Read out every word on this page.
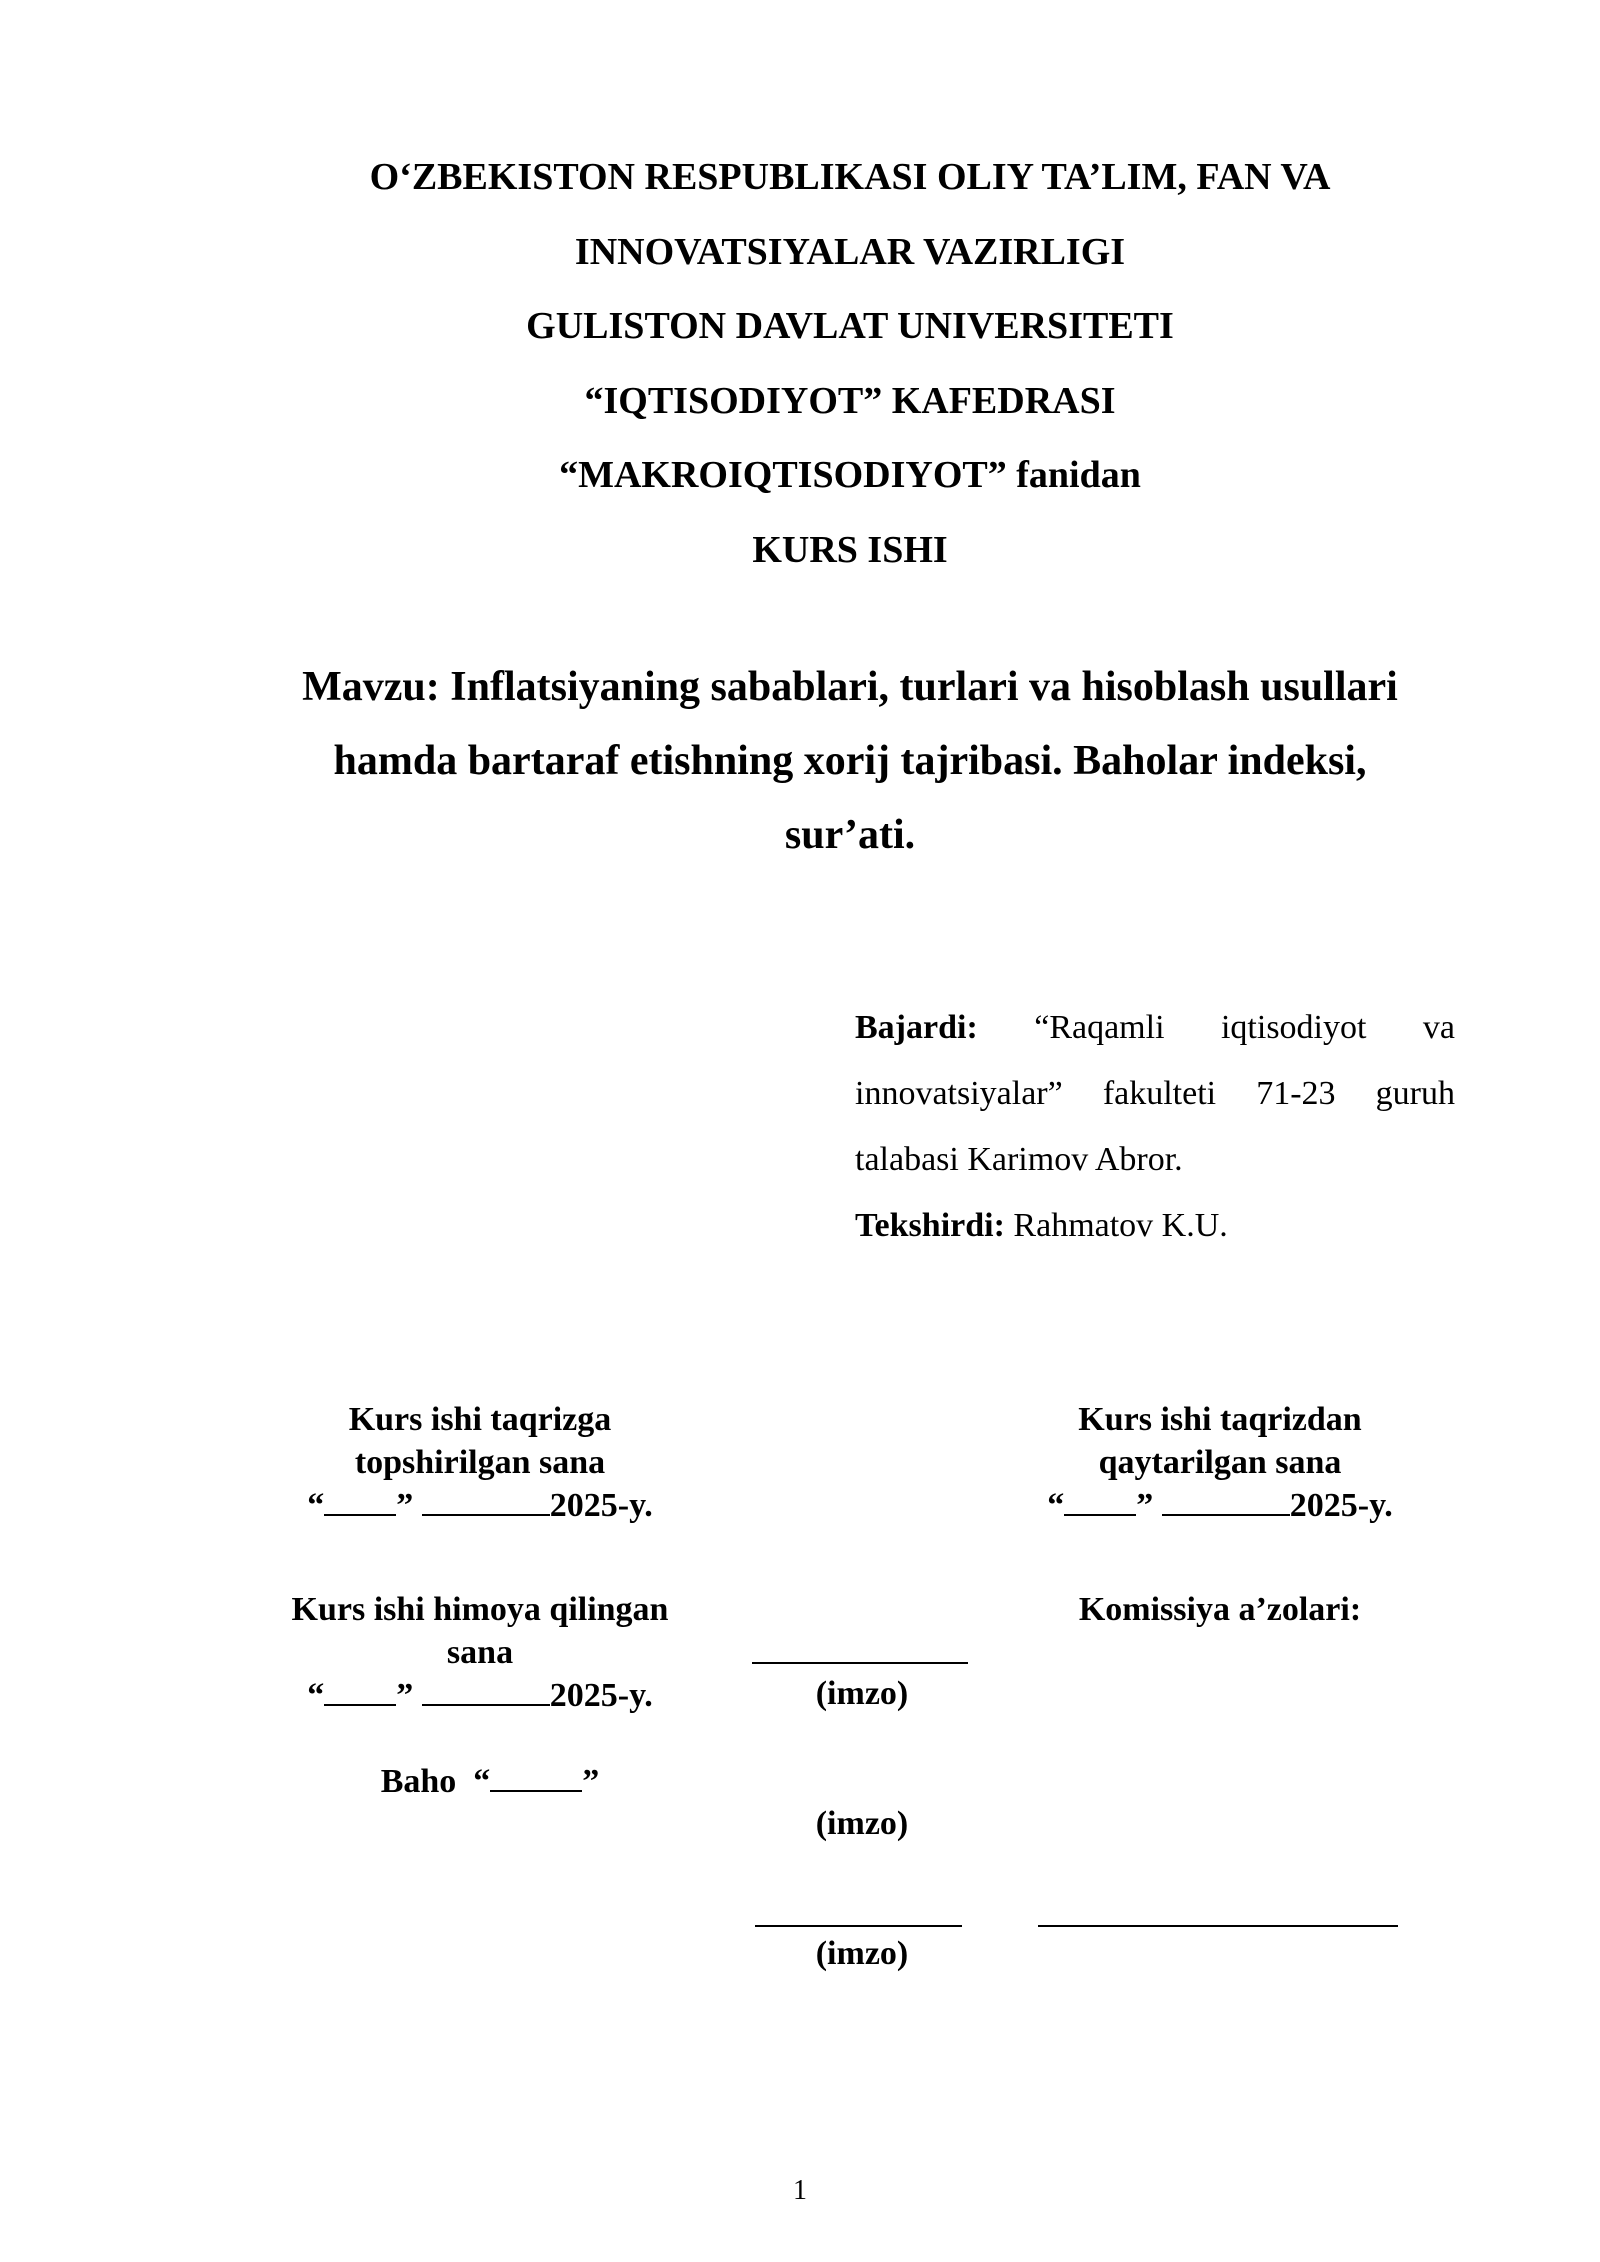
O‘ZBEKISTON RESPUBLIKASI OLIY TA’LIM, FAN VA
INNOVATSIYALAR VAZIRLIGI
GULISTON DAVLAT UNIVERSITETI
“IQTISODIYOT” KAFEDRASI
“MAKROIQTISODIYOT” fanidan
KURS ISHI
Mavzu: Inflatsiyaning sabablari, turlari va hisoblash usullari
hamda bartaraf etishning xorij tajribasi. Baholar indeksi,
sur’ati.
Bajardi: “Raqamli iqtisodiyot va
innovatsiyalar” fakulteti 71-23 guruh
talabasi Karimov Abror.
Tekshirdi: Rahmatov K.U.
Kurs ishi taqrizga
topshirilgan sana
“ ”	2025-y.
Kurs ishi taqrizdan
qaytarilgan sana
“ ”	2025-y.
Kurs ishi himoya qilingan
sana
“ ”	2025-y.
Komissiya a’zolari:
Baho “	”
(imzo)
(imzo)
(imzo)
1
